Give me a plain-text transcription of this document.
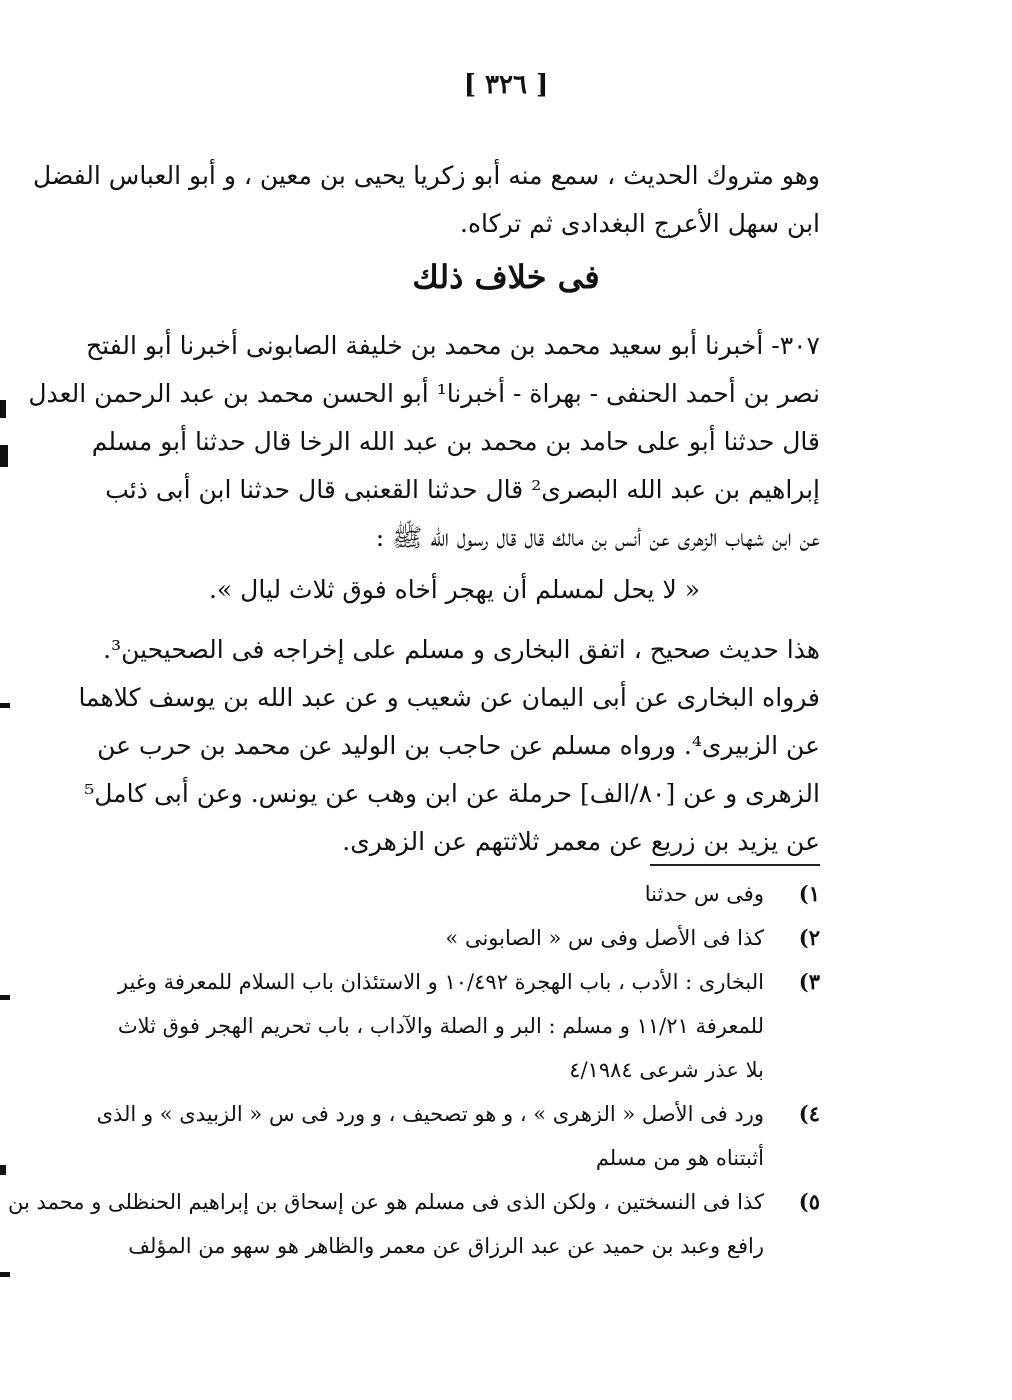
[ ٣٢٦ ]
وهو متروك الحديث ، سمع منه أبو زكريا يحيى بن معين ، و أبو العباس الفضل
ابن سهل الأعرج البغدادى ثم تركاه.
فى خلاف ذلك
٣٠٧- أخبرنا أبو سعيد محمد بن محمد بن خليفة الصابونى أخبرنا أبو الفتح
نصر بن أحمد الحنفى - بهراة - أخبرنا¹ أبو الحسن محمد بن عبد الرحمن العدل
قال حدثنا أبو على حامد بن محمد بن عبد الله الرخا قال حدثنا أبو مسلم
إبراهيم بن عبد الله البصرى² قال حدثنا القعنبى قال حدثنا ابن أبى ذئب
عن ابن شهاب الزهرى عن أنس بن مالك قال قال رسول الله ﷺ :
« لا يحل لمسلم أن يهجر أخاه فوق ثلاث ليال ».
هذا حديث صحيح ، اتفق البخارى و مسلم على إخراجه فى الصحيحين³.
فرواه البخارى عن أبى اليمان عن شعيب و عن عبد الله بن يوسف كلاهما
عن الزبيرى⁴. ورواه مسلم عن حاجب بن الوليد عن محمد بن حرب عن
الزهرى و عن [٨٠/الف] حرملة عن ابن وهب عن يونس. وعن أبى كامل⁵
عن يزيد بن زريع عن معمر ثلاثتهم عن الزهرى.
١)
وفى س حدثنا
٢)
كذا فى الأصل وفى س « الصابونى »
٣)
البخارى : الأدب ، باب الهجرة ١٠/٤٩٢ و الاستئذان باب السلام للمعرفة وغير
للمعرفة ١١/٢١ و مسلم : البر و الصلة والآداب ، باب تحريم الهجر فوق ثلاث
بلا عذر شرعى ٤/١٩٨٤
٤)
ورد فى الأصل « الزهرى » ، و هو تصحيف ، و ورد فى س « الزبيدى » و الذى
أثبتناه هو من مسلم
٥)
كذا فى النسختين ، ولكن الذى فى مسلم هو عن إسحاق بن إبراهيم الحنظلى و محمد بن
رافع وعبد بن حميد عن عبد الرزاق عن معمر والظاهر هو سهو من المؤلف
